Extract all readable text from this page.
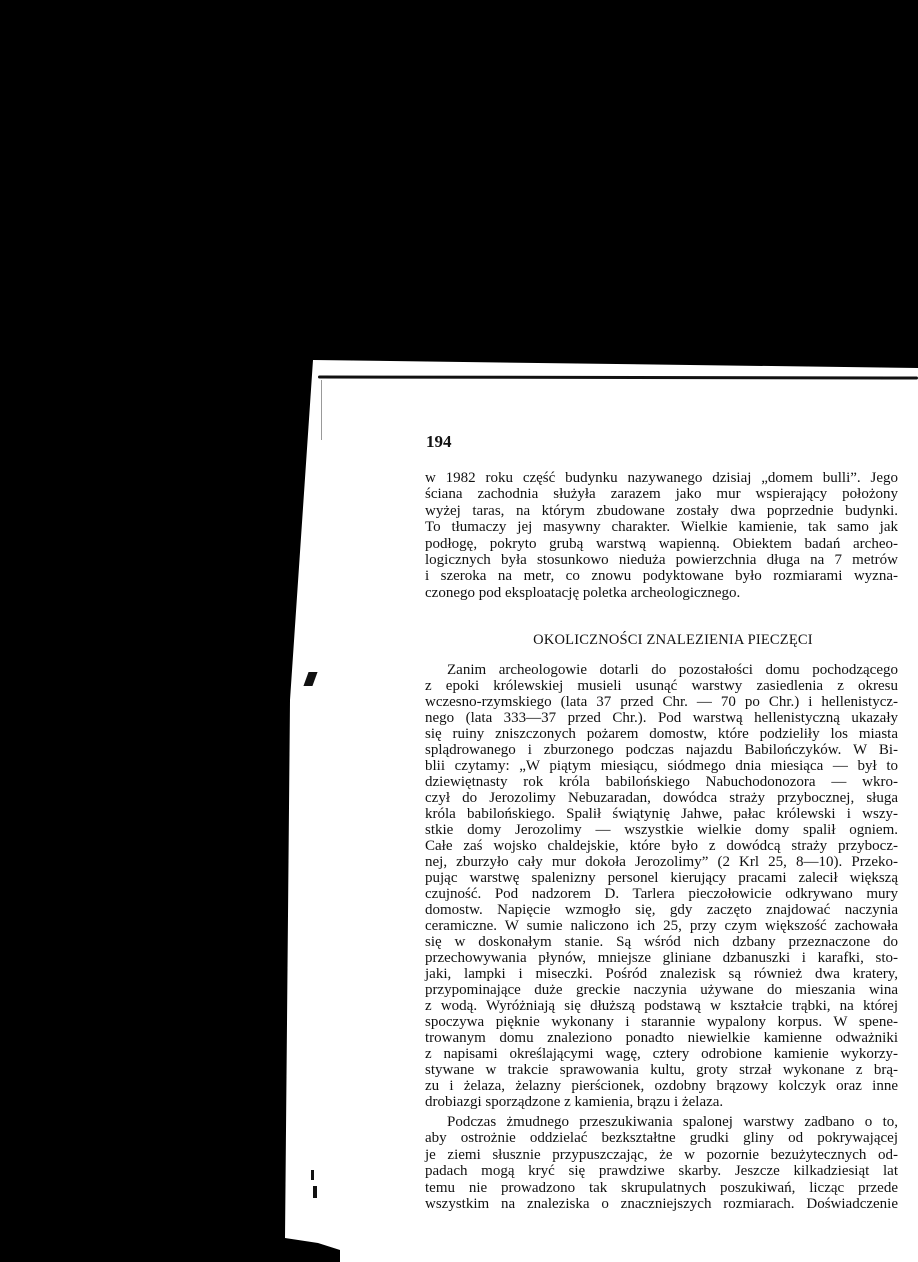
194
w 1982 roku część budynku nazywanego dzisiaj „domem bulli”. Jego
ściana zachodnia służyła zarazem jako mur wspierający położony
wyżej taras, na którym zbudowane zostały dwa poprzednie budynki.
To tłumaczy jej masywny charakter. Wielkie kamienie, tak samo jak
podłogę, pokryto grubą warstwą wapienną. Obiektem badań archeo-
logicznych była stosunkowo nieduża powierzchnia długa na 7 metrów
i szeroka na metr, co znowu podyktowane było rozmiarami wyzna-
czonego pod eksploatację poletka archeologicznego.
OKOLICZNOŚCI ZNALEZIENIA PIECZĘCI
Zanim archeologowie dotarli do pozostałości domu pochodzącego
z epoki królewskiej musieli usunąć warstwy zasiedlenia z okresu
wczesno-rzymskiego (lata 37 przed Chr. — 70 po Chr.) i hellenistycz-
nego (lata 333—37 przed Chr.). Pod warstwą hellenistyczną ukazały
się ruiny zniszczonych pożarem domostw, które podzieliły los miasta
splądrowanego i zburzonego podczas najazdu Babilończyków. W Bi-
blii czytamy: „W piątym miesiącu, siódmego dnia miesiąca — był to
dziewiętnasty rok króla babilońskiego Nabuchodonozora — wkro-
czył do Jerozolimy Nebuzaradan, dowódca straży przybocznej, sługa
króla babilońskiego. Spalił świątynię Jahwe, pałac królewski i wszy-
stkie domy Jerozolimy — wszystkie wielkie domy spalił ogniem.
Całe zaś wojsko chaldejskie, które było z dowódcą straży przybocz-
nej, zburzyło cały mur dokoła Jerozolimy” (2 Krl 25, 8—10). Przeko-
pując warstwę spalenizny personel kierujący pracami zalecił większą
czujność. Pod nadzorem D. Tarlera pieczołowicie odkrywano mury
domostw. Napięcie wzmogło się, gdy zaczęto znajdować naczynia
ceramiczne. W sumie naliczono ich 25, przy czym większość zachowała
się w doskonałym stanie. Są wśród nich dzbany przeznaczone do
przechowywania płynów, mniejsze gliniane dzbanuszki i karafki, sto-
jaki, lampki i miseczki. Pośród znalezisk są również dwa kratery,
przypominające duże greckie naczynia używane do mieszania wina
z wodą. Wyróżniają się dłuższą podstawą w kształcie trąbki, na której
spoczywa pięknie wykonany i starannie wypalony korpus. W spene-
trowanym domu znaleziono ponadto niewielkie kamienne odważniki
z napisami określającymi wagę, cztery odrobione kamienie wykorzy-
stywane w trakcie sprawowania kultu, groty strzał wykonane z brą-
zu i żelaza, żelazny pierścionek, ozdobny brązowy kolczyk oraz inne
drobiazgi sporządzone z kamienia, brązu i żelaza.
Podczas żmudnego przeszukiwania spalonej warstwy zadbano o to,
aby ostrożnie oddzielać bezkształtne grudki gliny od pokrywającej
je ziemi słusznie przypuszczając, że w pozornie bezużytecznych od-
padach mogą kryć się prawdziwe skarby. Jeszcze kilkadziesiąt lat
temu nie prowadzono tak skrupulatnych poszukiwań, licząc przede
wszystkim na znaleziska o znaczniejszych rozmiarach. Doświadczenie
